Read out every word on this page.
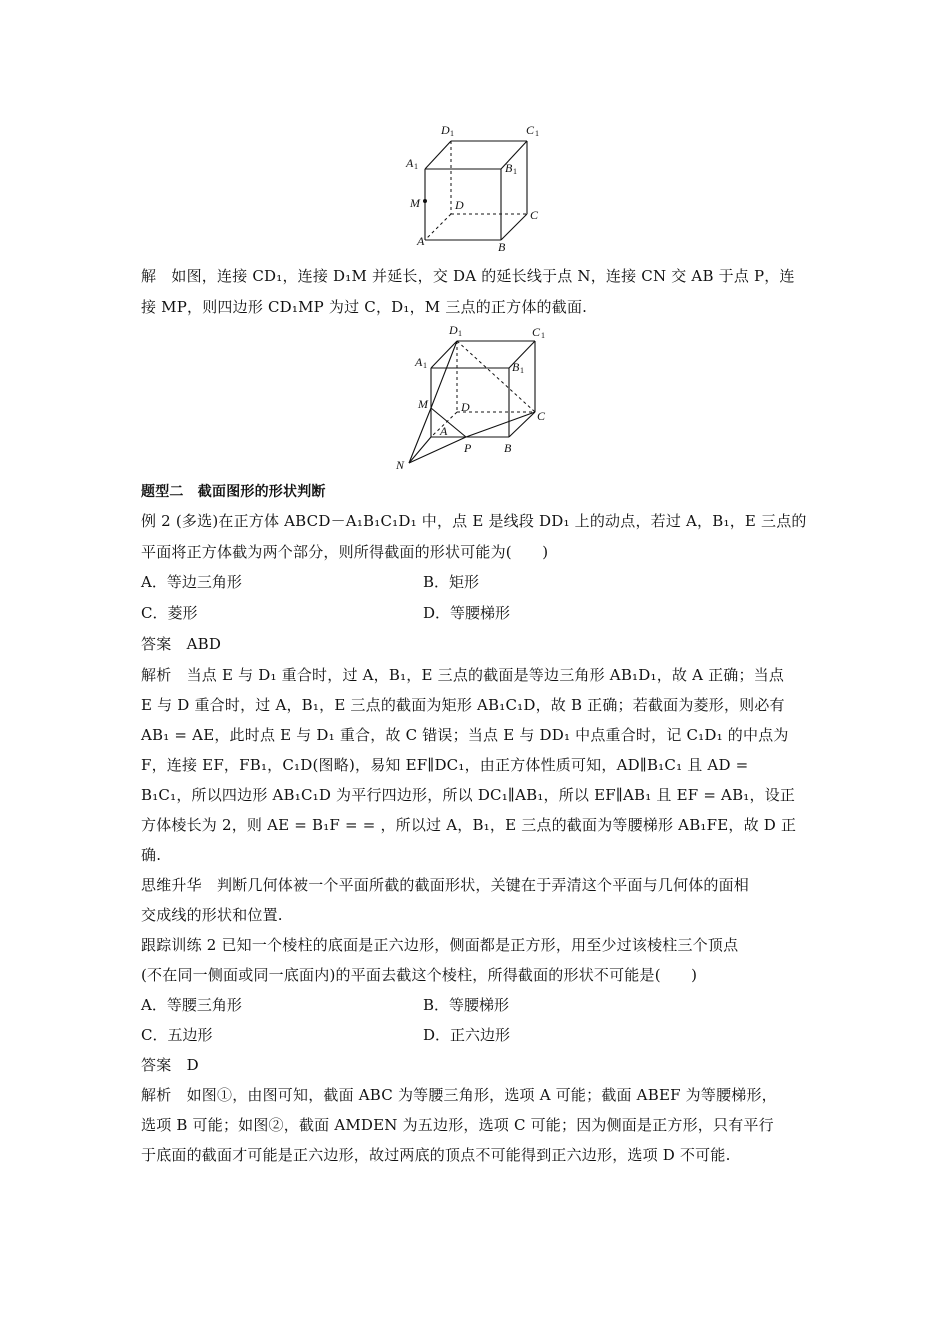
D 1	C 1
A 1	B 1
M	D
C
A	B
解　如图，连接 CD₁，连接 D₁M 并延长，交 DA 的延长线于点 N，连接 CN 交 AB 于点 P，连
接 MP，则四边形 CD₁MP 为过 C，D₁，M 三点的正方体的截面.
D 1	C 1
A 1	B 1
M	D
C
A
P	B
N
题型二　截面图形的形状判断
例 2 (多选)在正方体 ABCD－A₁B₁C₁D₁ 中，点 E 是线段 DD₁ 上的动点，若过 A，B₁，E 三点的
平面将正方体截为两个部分，则所得截面的形状可能为(　　)
A．等边三角形	B．矩形
C．菱形	D．等腰梯形
答案　ABD
解析　当点 E 与 D₁ 重合时，过 A，B₁，E 三点的截面是等边三角形 AB₁D₁，故 A 正确；当点
E 与 D 重合时，过 A，B₁，E 三点的截面为矩形 AB₁C₁D，故 B 正确；若截面为菱形，则必有
AB₁ = AE，此时点 E 与 D₁ 重合，故 C 错误；当点 E 与 DD₁ 中点重合时，记 C₁D₁ 的中点为
F，连接 EF，FB₁，C₁D(图略)，易知 EF∥DC₁，由正方体性质可知，AD∥B₁C₁ 且 AD =
B₁C₁，所以四边形 AB₁C₁D 为平行四边形，所以 DC₁∥AB₁，所以 EF∥AB₁ 且 EF = AB₁，设正
方体棱长为 2，则 AE = B₁F = = ，所以过 A，B₁，E 三点的截面为等腰梯形 AB₁FE，故 D 正
确.
思维升华　判断几何体被一个平面所截的截面形状，关键在于弄清这个平面与几何体的面相
交成线的形状和位置.
跟踪训练 2 已知一个棱柱的底面是正六边形，侧面都是正方形，用至少过该棱柱三个顶点
(不在同一侧面或同一底面内)的平面去截这个棱柱，所得截面的形状不可能是(　　)
A．等腰三角形	B．等腰梯形
C．五边形	D．正六边形
答案　D
解析　如图①，由图可知，截面 ABC 为等腰三角形，选项 A 可能；截面 ABEF 为等腰梯形，
选项 B 可能；如图②，截面 AMDEN 为五边形，选项 C 可能；因为侧面是正方形，只有平行
于底面的截面才可能是正六边形，故过两底的顶点不可能得到正六边形，选项 D 不可能.
